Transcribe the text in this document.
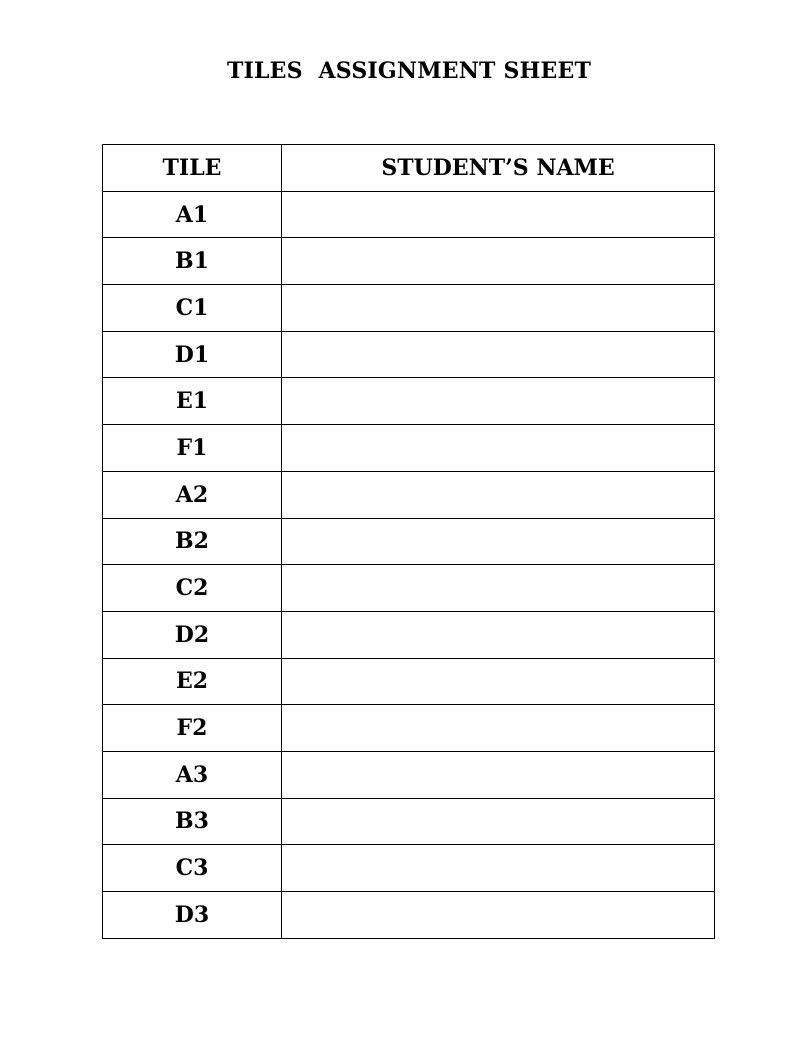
TILES  ASSIGNMENT SHEET
TILE	STUDENT’S NAME
A1	
B1	
C1	
D1	
E1	
F1	
A2	
B2	
C2	
D2	
E2	
F2	
A3	
B3	
C3	
D3	
